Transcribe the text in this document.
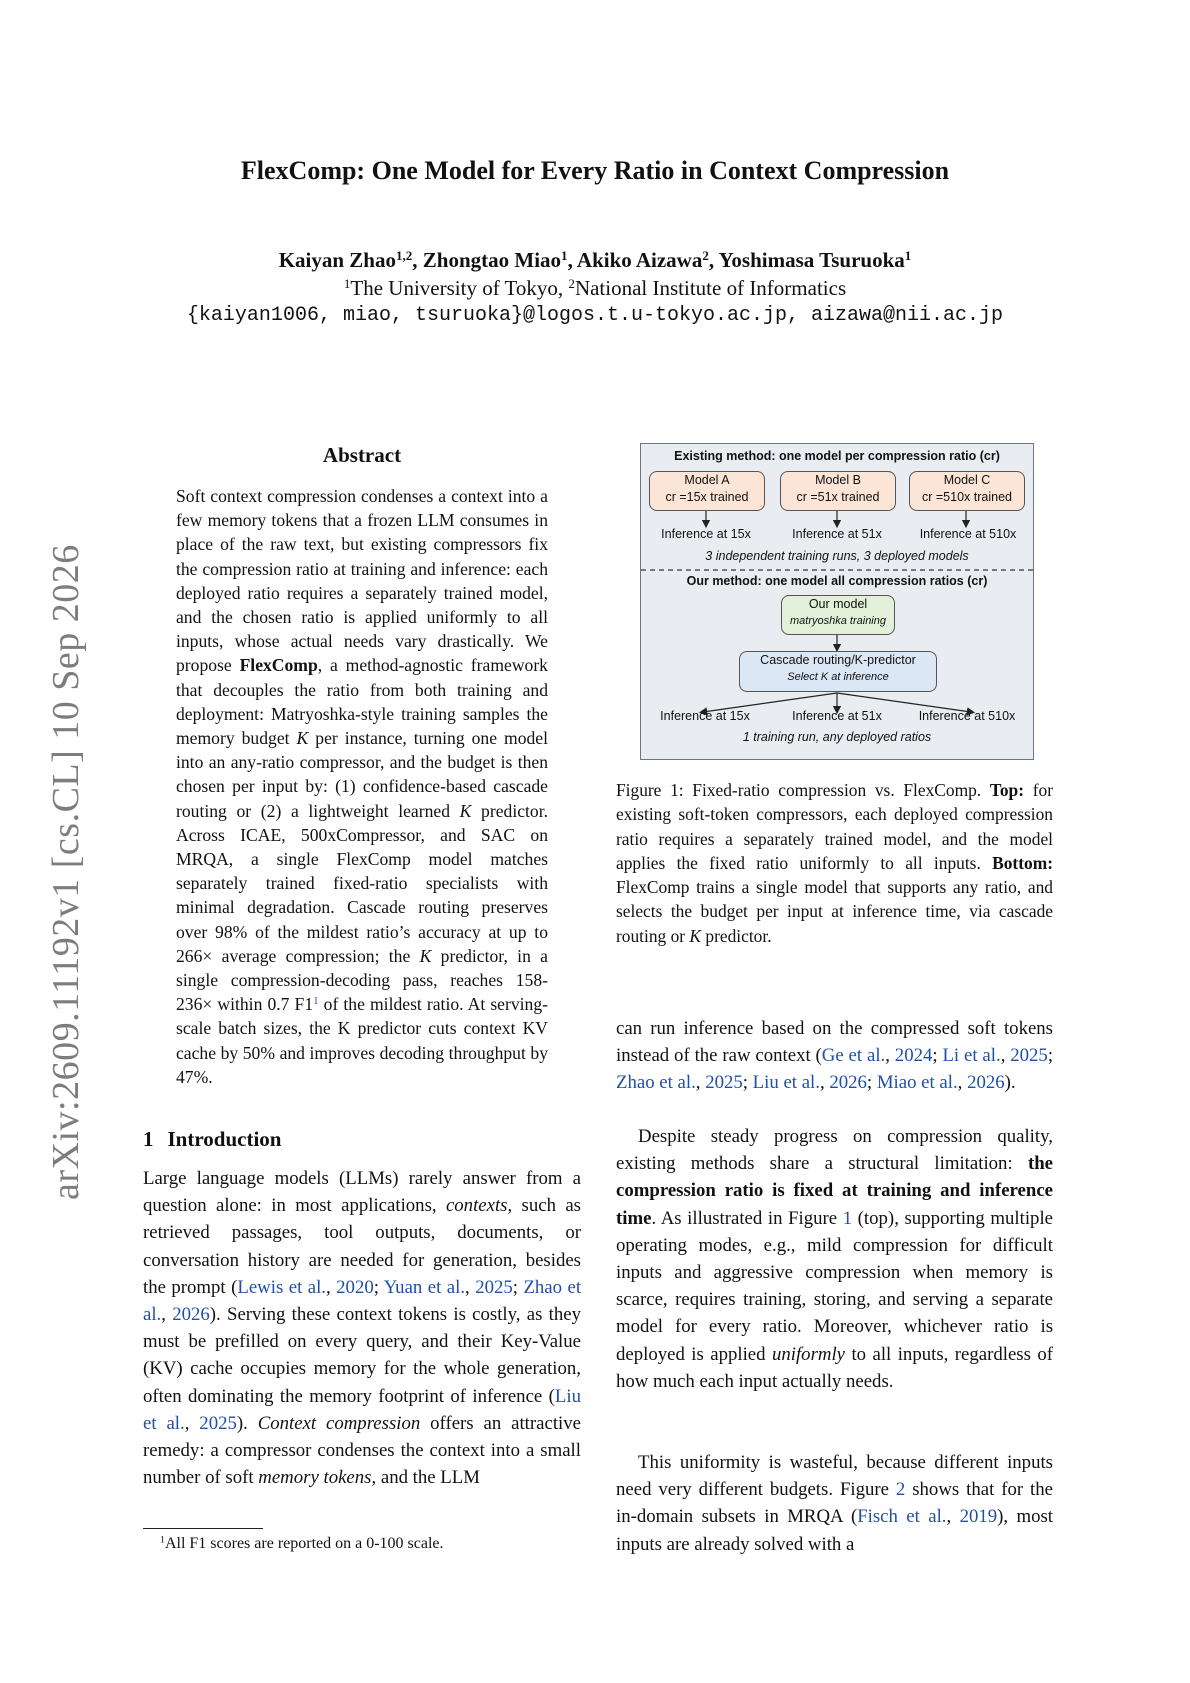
arXiv:2609.11192v1 [cs.CL] 10 Sep 2026
FlexComp: One Model for Every Ratio in Context Compression
Kaiyan Zhao$^{1,2}$, Zhongtao Miao$^1$, Akiko Aizawa$^2$, Yoshimasa Tsuruoka$^1$
$^1$The University of Tokyo, $^2$National Institute of Informatics
{kaiyan1006, miao, tsuruoka}@logos.t.u-tokyo.ac.jp, aizawa@nii.ac.jp
Abstract
Soft context compression condenses a context into a few memory tokens that a frozen LLM consumes in place of the raw text, but existing compressors fix the compression ratio at training and inference: each deployed ratio requires a separately trained model, and the chosen ratio is applied uniformly to all inputs, whose actual needs vary drastically. We propose FlexComp, a method-agnostic framework that decouples the ratio from both training and deployment: Matryoshka-style training samples the memory budget K per instance, turning one model into an any-ratio compressor, and the budget is then chosen per input by: (1) confidence-based cascade routing or (2) a lightweight learned K predictor. Across ICAE, 500xCompressor, and SAC on MRQA, a single FlexComp model matches separately trained fixed-ratio specialists with minimal degradation. Cascade routing preserves over 98% of the mildest ratio’s accuracy at up to 266× average compression; the K predictor, in a single compression-decoding pass, reaches 158-236× within 0.7 $F1^1$ of the mildest ratio. At serving-scale batch sizes, the K predictor cuts context KV cache by 50% and improves decoding throughput by 47%.
1 Introduction
Large language models (LLMs) rarely answer from a question alone: in most applications, contexts, such as retrieved passages, tool outputs, documents, or conversation history are needed for generation, besides the prompt (Lewis et al., 2020; Yuan et al., 2025; Zhao et al., 2026). Serving these context tokens is costly, as they must be prefilled on every query, and their Key-Value (KV) cache occupies memory for the whole generation, often dominating the memory footprint of inference (Liu et al., 2025). Context compression offers an attractive remedy: a compressor condenses the context into a small number of soft memory tokens, and the LLM
$^1$All F1 scores are reported on a 0-100 scale.
Existing method: one model per compression ratio (cr)
Model A
cr =15x trained
Model B
cr =51x trained
Model C
cr =510x trained
Inference at 15x	Inference at 51x	Inference at 510x
3 independent training runs, 3 deployed models
Our method: one model all compression ratios (cr)
Our model
matryoshka training
Cascade routing/K-predictor
Select K at inference
Inference at 15x	Inference at 51x	Inference at 510x
1 training run, any deployed ratios
Figure 1: Fixed-ratio compression vs. FlexComp. Top: for existing soft-token compressors, each deployed compression ratio requires a separately trained model, and the model applies the fixed ratio uniformly to all inputs. Bottom: FlexComp trains a single model that supports any ratio, and selects the budget per input at inference time, via cascade routing or K predictor.
can run inference based on the compressed soft tokens instead of the raw context (Ge et al., 2024; Li et al., 2025; Zhao et al., 2025; Liu et al., 2026; Miao et al., 2026).
Despite steady progress on compression quality, existing methods share a structural limitation: the compression ratio is fixed at training and inference time. As illustrated in Figure 1 (top), supporting multiple operating modes, e.g., mild compression for difficult inputs and aggressive compression when memory is scarce, requires training, storing, and serving a separate model for every ratio. Moreover, whichever ratio is deployed is applied uniformly to all inputs, regardless of how much each input actually needs.
This uniformity is wasteful, because different inputs need very different budgets. Figure 2 shows that for the in-domain subsets in MRQA (Fisch et al., 2019), most inputs are already solved with a
